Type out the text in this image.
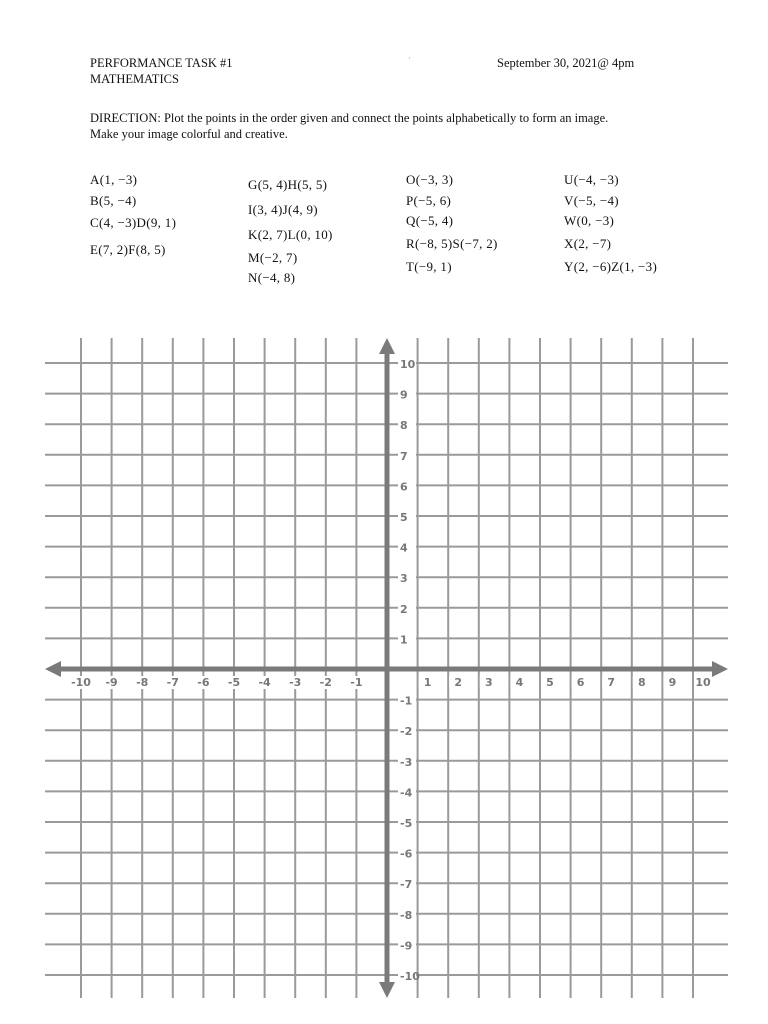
PERFORMANCE TASK #1
MATHEMATICS
·	September 30, 2021@ 4pm
DIRECTION: Plot the points in the order given and connect the points alphabetically to form an image.
Make your image colorful and creative.
A(1, −3)
B(5, −4)
C(4, −3)D(9, 1)
E(7, 2)F(8, 5)
G(5, 4)H(5, 5)
I(3, 4)J(4, 9)
K(2, 7)L(0, 10)
M(−2, 7)
N(−4, 8)
O(−3, 3)
P(−5, 6)
Q(−5, 4)
R(−8, 5)S(−7, 2)
T(−9, 1)
U(−4, −3)
V(−5, −4)
W(0, −3)
X(2, −7)
Y(2, −6)Z(1, −3)
-10 -9 -8 -7 -6 -5 -4 -3 -2 -1	1 2 3 4 5 6 7 8 9 10
10
9
8
7
6
5
4
3
2
1
-1
-2
-3
-4
-5
-6
-7
-8
-9
-10
